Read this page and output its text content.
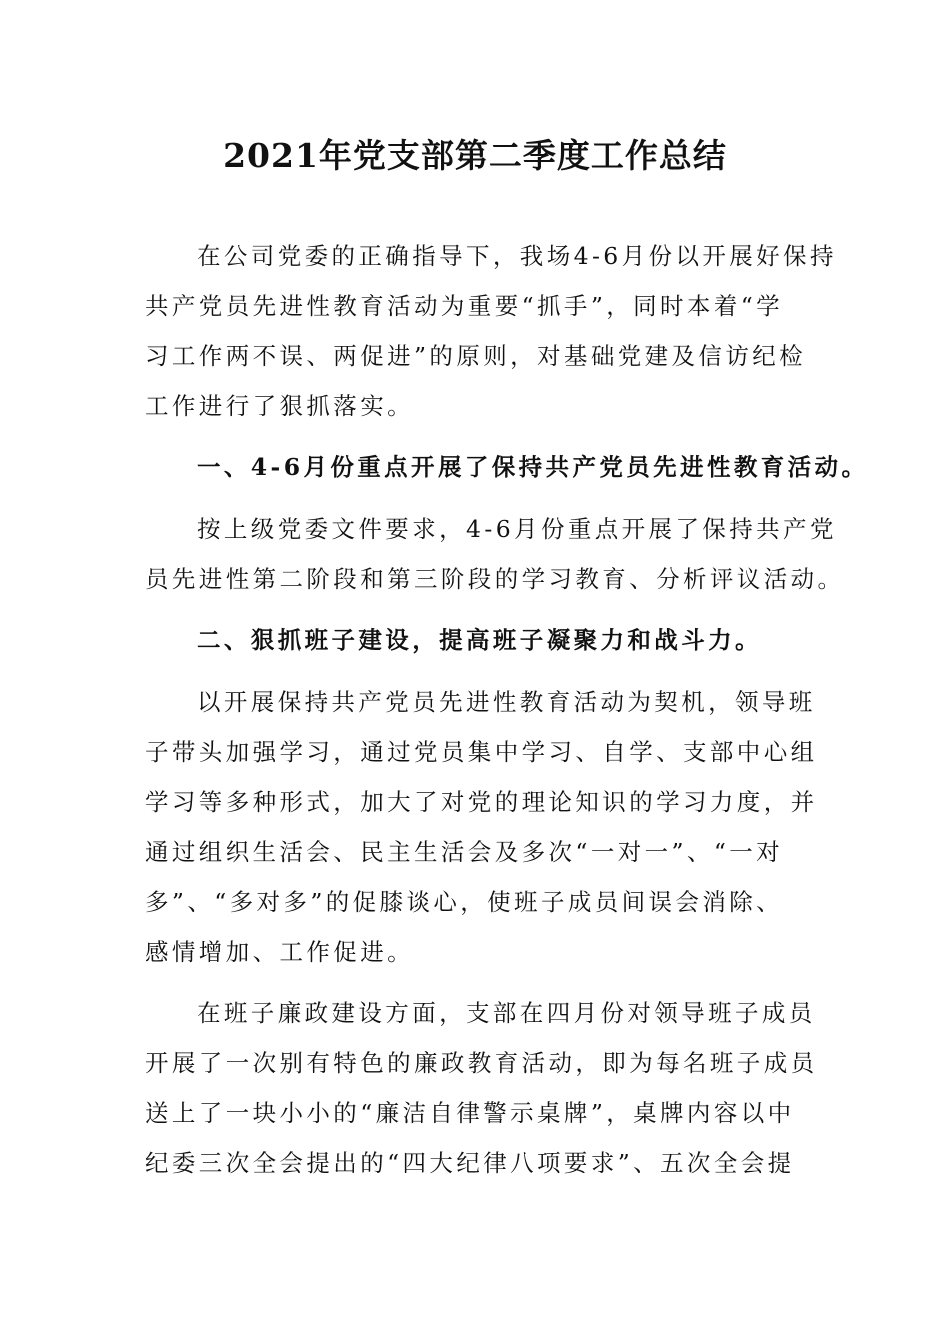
2021年党支部第二季度工作总结
在公司党委的正确指导下，我场4-6月份以开展好保持
共产党员先进性教育活动为重要“抓手”，同时本着“学
习工作两不误、两促进”的原则，对基础党建及信访纪检
工作进行了狠抓落实。
一、4-6月份重点开展了保持共产党员先进性教育活动。
按上级党委文件要求，4-6月份重点开展了保持共产党
员先进性第二阶段和第三阶段的学习教育、分析评议活动。
二、狠抓班子建设，提高班子凝聚力和战斗力。
以开展保持共产党员先进性教育活动为契机，领导班
子带头加强学习，通过党员集中学习、自学、支部中心组
学习等多种形式，加大了对党的理论知识的学习力度，并
通过组织生活会、民主生活会及多次“一对一”、“一对
多”、“多对多”的促膝谈心，使班子成员间误会消除、
感情增加、工作促进。
在班子廉政建设方面，支部在四月份对领导班子成员
开展了一次别有特色的廉政教育活动，即为每名班子成员
送上了一块小小的“廉洁自律警示桌牌”，桌牌内容以中
纪委三次全会提出的“四大纪律八项要求”、五次全会提
